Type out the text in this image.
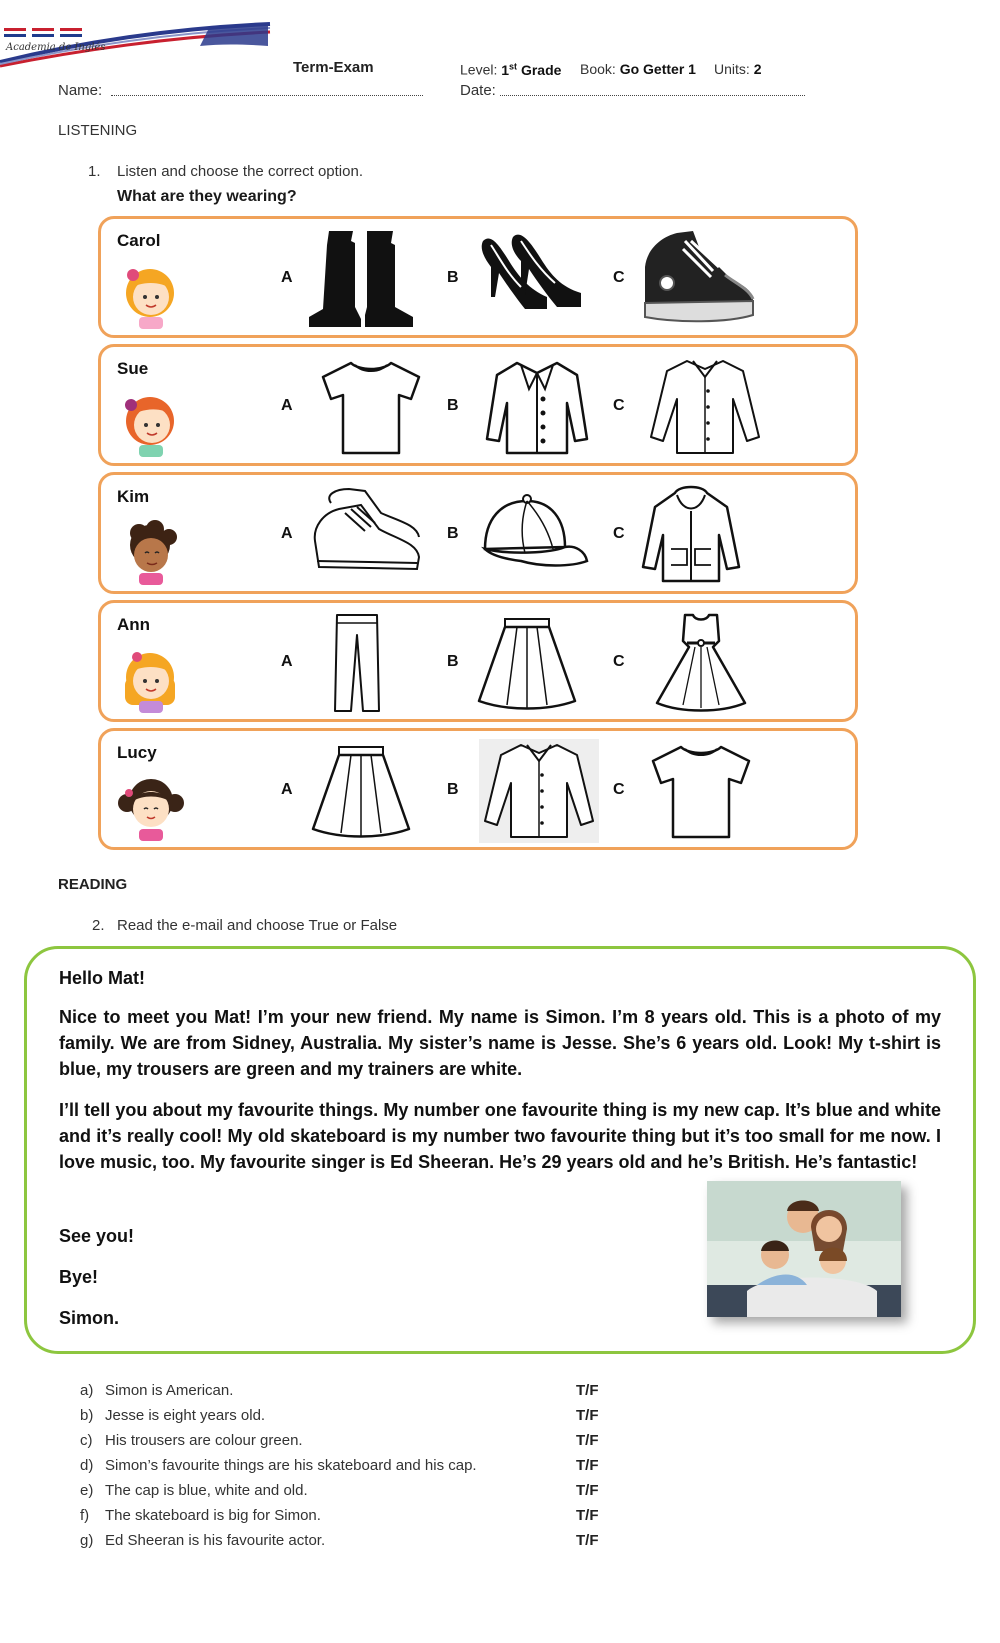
Academia de Inglés
Term-Exam	Level: 1st Grade Book: Go Getter 1 Units: 2
Name:	Date:
LISTENING
1. Listen and choose the correct option.
What are they wearing?
Carol
A	B	C
Sue
A	B	C
Kim
A	B	C
Ann
A	B	C
Lucy
A	B	C
READING
2. Read the e-mail and choose True or False
Hello Mat!
Nice to meet you Mat! I’m your new friend. My name is Simon. I’m 8 years old. This is a photo of my family. We are from Sidney, Australia. My sister’s name is Jesse. She’s 6 years old. Look! My t-shirt is blue, my trousers are green and my trainers are white.
I’ll tell you about my favourite things. My number one favourite thing is my new cap. It’s blue and white and it’s really cool! My old skateboard is my number two favourite thing but it’s too small for me now. I love music, too. My favourite singer is Ed Sheeran. He’s 29 years old and he’s British. He’s fantastic!
See you!
Bye!
Simon.
a) Simon is American.	T/F
b) Jesse is eight years old.	T/F
c) His trousers are colour green.	T/F
d) Simon’s favourite things are his skateboard and his cap.	T/F
e) The cap is blue, white and old.	T/F
f) The skateboard is big for Simon.	T/F
g) Ed Sheeran is his favourite actor.	T/F
